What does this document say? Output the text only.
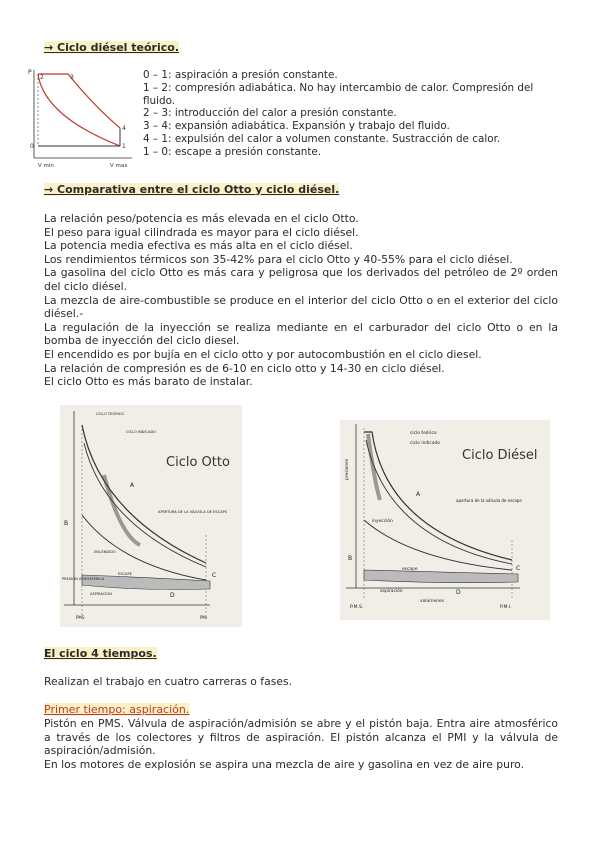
→ Ciclo diésel teórico.
P
2	3
4
1
0
V min	V max
0 – 1: aspiración a presión constante.
1 – 2: compresión adiabática. No hay intercambio de calor. Compresión del fluido.
2 – 3: introducción del calor a presión constante.
3 – 4: expansión adiabática. Expansión y trabajo del fluido.
4 – 1: expulsión del calor a volumen constante. Sustracción de calor.
1 – 0: escape a presión constante.
→ Comparativa entre el ciclo Otto y ciclo diésel.
La relación peso/potencia es más elevada en el ciclo Otto.
El peso para igual cilindrada es mayor para el ciclo diésel.
La potencia media efectiva es más alta en el ciclo diésel.
Los rendimientos térmicos son 35-42% para el ciclo Otto y 40-55% para el ciclo diésel.
La gasolina del ciclo Otto es más cara y peligrosa que los derivados del petróleo de 2º orden del ciclo diésel.
La mezcla de aire-combustible se produce en el interior del ciclo Otto o en el exterior del ciclo diésel.-
La regulación de la inyección se realiza mediante en el carburador del ciclo Otto o en la bomba de inyección del ciclo diesel.
El encendido es por bujía en el ciclo otto y por autocombustión en el ciclo diesel.
La relación de compresión es de 6-10 en ciclo otto y 14-30 en ciclo diésel.
El ciclo Otto es más barato de instalar.
CICLO TEÓRICO
CICLO INDICADO
APERTURA DE LA VÁLVULA DE ESCAPE
ENCENDIDO
ESCAPE
PRESIÓN ATMOSFÉRICA
ASPIRACIÓN
A
B
C
D
PMS	PMI
Ciclo Otto
ciclo teórico
ciclo indicado
apertura de la válvula de escape
inyección
escape
aspiración
presiones
A
B
C
D
P.M.S.	P.M.I.
volúmenes
Ciclo Diésel
El ciclo 4 tiempos.
Realizan el trabajo en cuatro carreras o fases.
Primer tiempo: aspiración.
Pistón en PMS. Válvula de aspiración/admisión se abre y el pistón baja. Entra aire atmosférico a través de los colectores y filtros de aspiración. El pistón alcanza el PMI y la válvula de aspiración/admisión.
En los motores de explosión se aspira una mezcla de aire y gasolina en vez de aire puro.
